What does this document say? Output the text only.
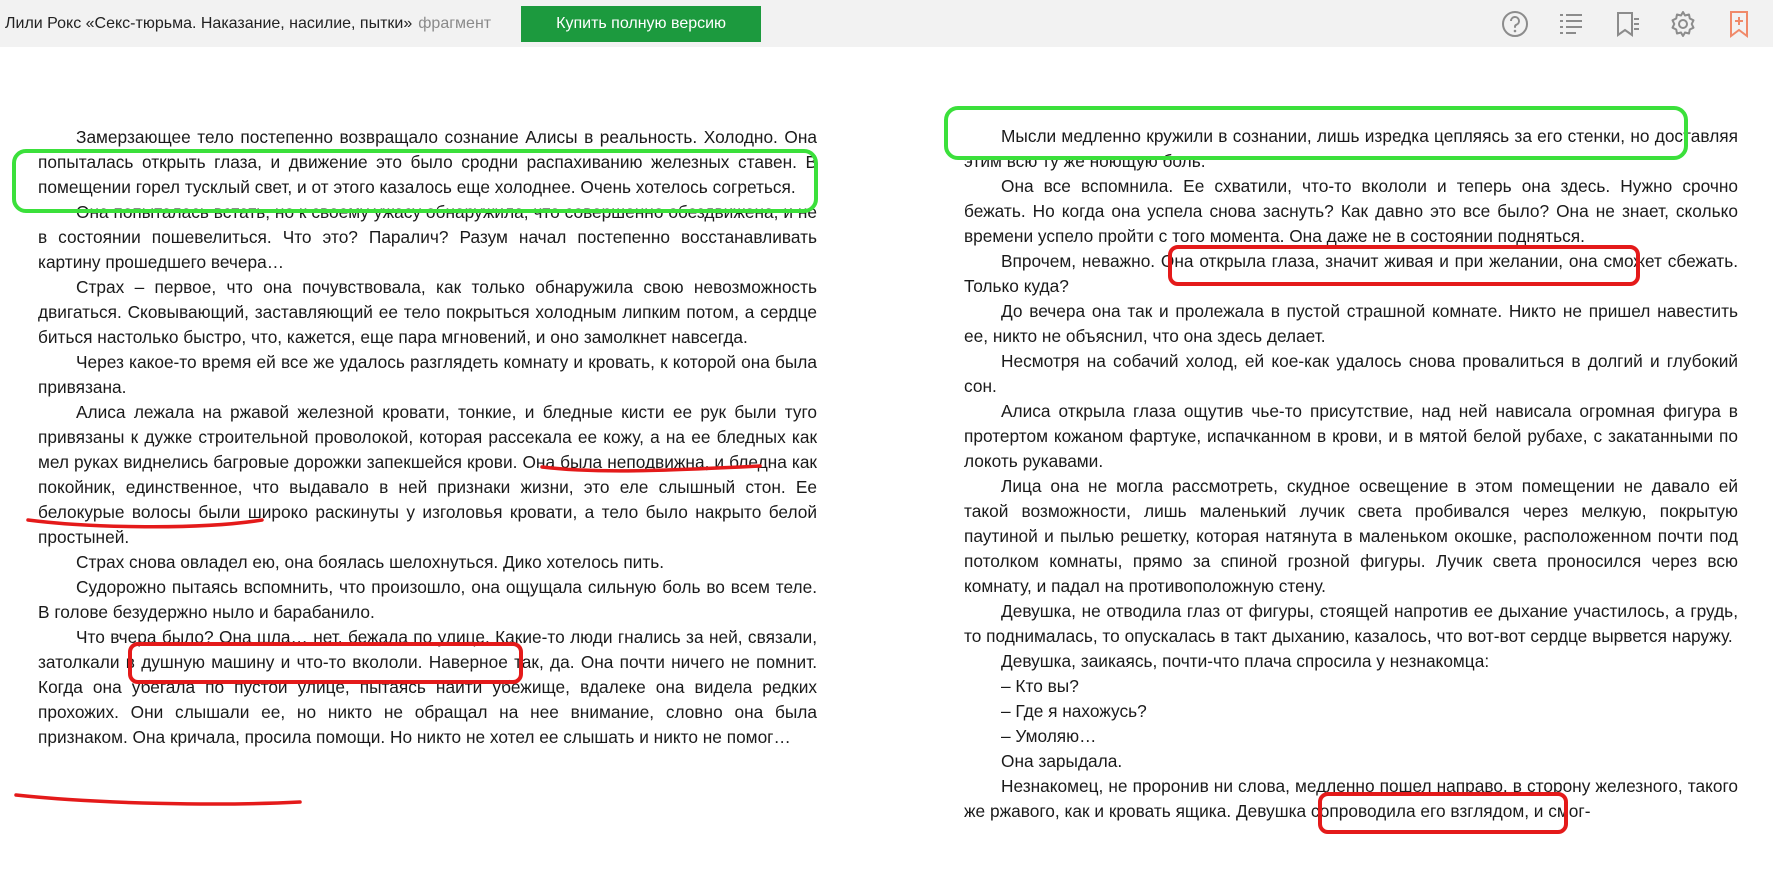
Лили Рокс «Секс-тюрьма. Наказание, насилие, пытки» фрагмент	Купить полную версию

Замерзающее тело постепенно возвращало сознание Алисы в реальность. Холодно. Она попыталась открыть глаза, и движение это было сродни распахиванию железных ставен. В помещении горел тусклый свет, и от этого казалось еще холоднее. Очень хотелось согреться.

Она попыталась встать, но к своему ужасу обнаружила, что совершенно обездвижена, и не в состоянии пошевелиться. Что это? Паралич? Разум начал постепенно восстанавливать картину прошедшего вечера…

Страх – первое, что она почувствовала, как только обнаружила свою невозможность двигаться. Сковывающий, заставляющий ее тело покрыться холодным липким потом, а сердце биться настолько быстро, что, кажется, еще пара мгновений, и оно замолкнет навсегда.

Через какое-то время ей все же удалось разглядеть комнату и кровать, к которой она была привязана.

Алиса лежала на ржавой железной кровати, тонкие, и бледные кисти ее рук были туго привязаны к дужке строительной проволокой, которая рассекала ее кожу, а на ее бледных как мел руках виднелись багровые дорожки запекшейся крови. Она была неподвижна, и бледна как покойник, единственное, что выдавало в ней признаки жизни, это еле слышный стон. Ее белокурые волосы были широко раскинуты у изголовья кровати, а тело было накрыто белой простыней.

Страх снова овладел ею, она боялась шелохнуться. Дико хотелось пить.

Судорожно пытаясь вспомнить, что произошло, она ощущала сильную боль во всем теле. В голове безудержно ныло и барабанило.

Что вчера было? Она шла… нет, бежала по улице. Какие-то люди гнались за ней, связали, затолкали в душную машину и что-то вкололи. Наверное так, да. Она почти ничего не помнит. Когда она убегала по пустой улице, пытаясь найти убежище, вдалеке она видела редких прохожих. Они слышали ее, но никто не обращал на нее внимание, словно она была признаком. Она кричала, просила помощи. Но никто не хотел ее слышать и никто не помог…

Мысли медленно кружили в сознании, лишь изредка цепляясь за его стенки, но доставляя этим всю ту же ноющую боль.

Она все вспомнила. Ее схватили, что-то вкололи и теперь она здесь. Нужно срочно бежать. Но когда она успела снова заснуть? Как давно это все было? Она не знает, сколько времени успело пройти с того момента. Она даже не в состоянии подняться.

Впрочем, неважно. Она открыла глаза, значит живая и при желании, она сможет сбежать. Только куда?

До вечера она так и пролежала в пустой страшной комнате. Никто не пришел навестить ее, никто не объяснил, что она здесь делает.

Несмотря на собачий холод, ей кое-как удалось снова провалиться в долгий и глубокий сон.

Алиса открыла глаза ощутив чье-то присутствие, над ней нависала огромная фигура в протертом кожаном фартуке, испачканном в крови, и в мятой белой рубахе, с закатанными по локоть рукавами.

Лица она не могла рассмотреть, скудное освещение в этом помещении не давало ей такой возможности, лишь маленький лучик света пробивался через мелкую, покрытую паутиной и пылью решетку, которая натянута в маленьком окошке, расположенном почти под потолком комнаты, прямо за спиной грозной фигуры. Лучик света проносился через всю комнату, и падал на противоположную стену.

Девушка, не отводила глаз от фигуры, стоящей напротив ее дыхание участилось, а грудь, то поднималась, то опускалась в такт дыханию, казалось, что вот-вот сердце вырвется наружу.

Девушка, заикаясь, почти-что плача спросила у незнакомца:

– Кто вы?

– Где я нахожусь?

– Умоляю…

Она зарыдала.

Незнакомец, не проронив ни слова, медленно пошел направо, в сторону железного, такого же ржавого, как и кровать ящика. Девушка сопроводила его взглядом, и смог-
